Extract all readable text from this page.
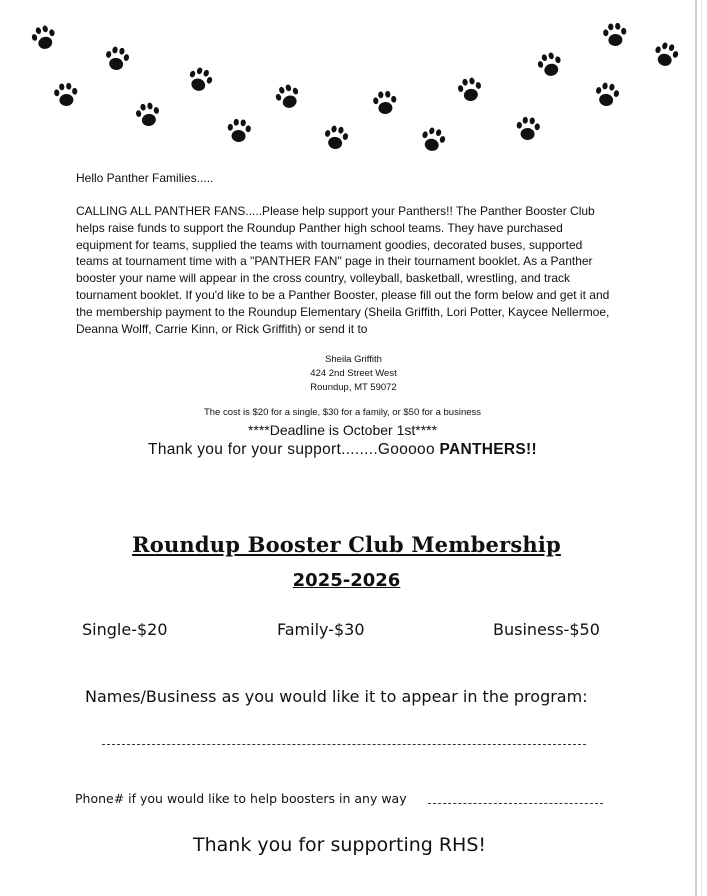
Hello Panther Families.....

CALLING ALL PANTHER FANS.....Please help support your Panthers!! The Panther Booster Club helps raise funds to support the Roundup Panther high school teams. They have purchased equipment for teams, supplied the teams with tournament goodies, decorated buses, supported teams at tournament time with a "PANTHER FAN" page in their tournament booklet. As a Panther booster your name will appear in the cross country, volleyball, basketball, wrestling, and track tournament booklet. If you'd like to be a Panther Booster, please fill out the form below and get it and the membership payment to the Roundup Elementary (Sheila Griffith, Lori Potter, Kaycee Nellermoe, Deanna Wolff, Carrie Kinn, or Rick Griffith) or send it to

Sheila Griffith
424 2nd Street West
Roundup, MT 59072
The cost is $20 for a single, $30 for a family, or $50 for a business
****Deadline is October 1st****
Thank you for your support........Gooooo PANTHERS!!
Roundup Booster Club Membership
2025-2026
Single-$20	Family-$30	Business-$50
Names/Business as you would like it to appear in the program:
Phone# if you would like to help boosters in any way
Thank you for supporting RHS!
